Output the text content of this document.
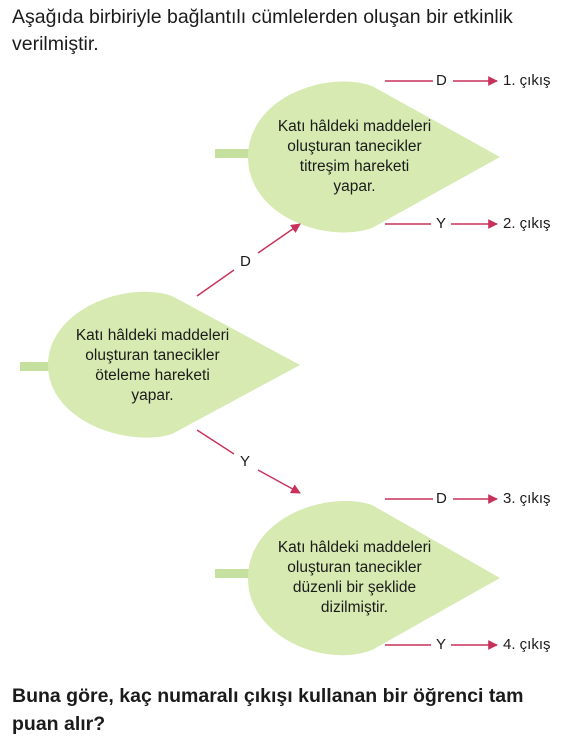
Aşağıda birbiriyle bağlantılı cümlelerden oluşan bir etkinlik verilmiştir.

Katı hâldeki maddeleri
oluşturan tanecikler
titreşim hareketi
yapar.
Katı hâldeki maddeleri
oluşturan tanecikler
öteleme hareketi
yapar.
Katı hâldeki maddeleri
oluşturan tanecikler
düzenli bir şeklide
dizilmiştir.
D
Y
D
Y
D
Y
1. çıkış
2. çıkış
3. çıkış
4. çıkış

Buna göre, kaç numaralı çıkışı kullanan bir öğrenci tam puan alır?
